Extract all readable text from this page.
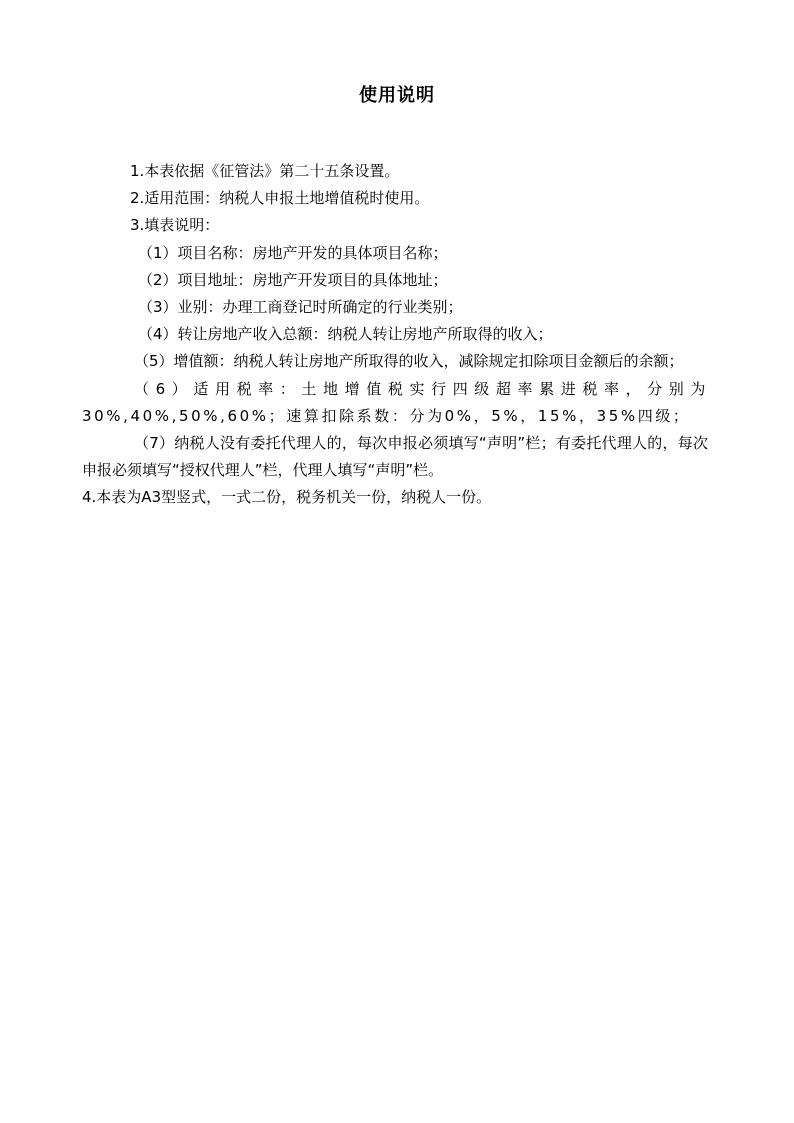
使用说明

1.本表依据《征管法》第二十五条设置。

2.适用范围：纳税人申报土地增值税时使用。

3.填表说明：

（1）项目名称：房地产开发的具体项目名称；

（2）项目地址：房地产开发项目的具体地址；

（3）业别：办理工商登记时所确定的行业类别；

（4）转让房地产收入总额：纳税人转让房地产所取得的收入；

（5）增值额：纳税人转让房地产所取得的收入，减除规定扣除项目金额后的余额；

（6）适用税率：土地增值税实行四级超率累进税率，分别为30%,40%,50%,60%；速算扣除系数：分为0%，5%，15%，35%四级；

（7）纳税人没有委托代理人的，每次申报必须填写“声明”栏；有委托代理人的，每次申报必须填写“授权代理人”栏，代理人填写“声明”栏。

4.本表为A3型竖式，一式二份，税务机关一份，纳税人一份。
